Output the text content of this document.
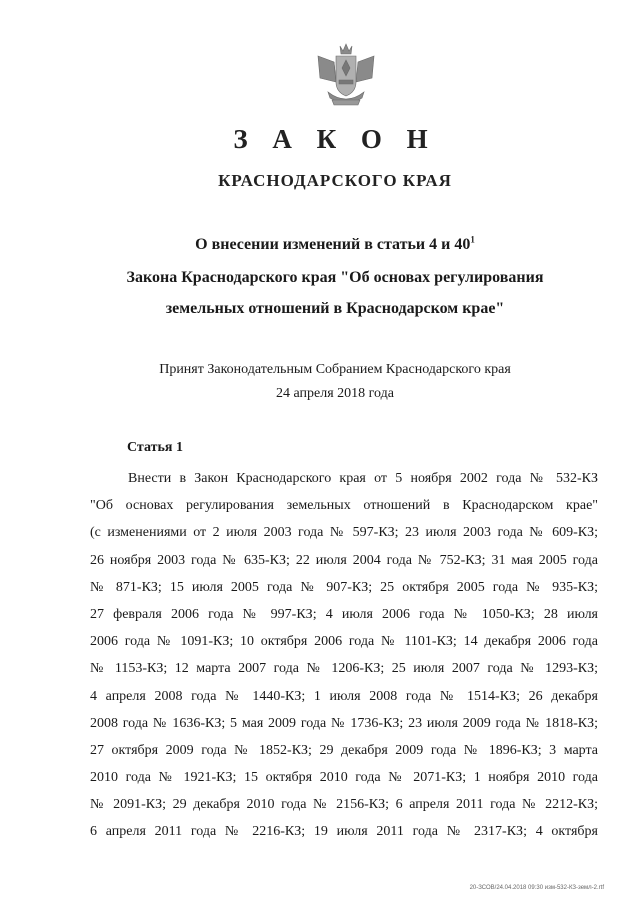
З А К О Н
КРАСНОДАРСКОГО КРАЯ
О внесении изменений в статьи 4 и $40^1$
Закона Краснодарского края "Об основах регулирования
земельных отношений в Краснодарском крае"
Принят Законодательным Собранием Краснодарского края
24 апреля 2018 года
Статья 1
Внести в Закон Краснодарского края от 5 ноября 2002 года № 532-КЗ
"Об основах регулирования земельных отношений в Краснодарском крае"
(с изменениями от 2 июля 2003 года № 597-КЗ; 23 июля 2003 года № 609-КЗ;
26 ноября 2003 года № 635-КЗ; 22 июля 2004 года № 752-КЗ; 31 мая 2005 года
№ 871-КЗ; 15 июля 2005 года № 907-КЗ; 25 октября 2005 года № 935-КЗ;
27 февраля 2006 года № 997-КЗ; 4 июля 2006 года № 1050-КЗ; 28 июля
2006 года № 1091-КЗ; 10 октября 2006 года № 1101-КЗ; 14 декабря 2006 года
№ 1153-КЗ; 12 марта 2007 года № 1206-КЗ; 25 июля 2007 года № 1293-КЗ;
4 апреля 2008 года № 1440-КЗ; 1 июля 2008 года № 1514-КЗ; 26 декабря
2008 года № 1636-КЗ; 5 мая 2009 года № 1736-КЗ; 23 июля 2009 года № 1818-КЗ;
27 октября 2009 года № 1852-КЗ; 29 декабря 2009 года № 1896-КЗ; 3 марта
2010 года № 1921-КЗ; 15 октября 2010 года № 2071-КЗ; 1 ноября 2010 года
№ 2091-КЗ; 29 декабря 2010 года № 2156-КЗ; 6 апреля 2011 года № 2212-КЗ;
6 апреля 2011 года № 2216-КЗ; 19 июля 2011 года № 2317-КЗ; 4 октября
20-ЗСОВ/24.04.2018 09:30 изм-532-КЗ-земл-2.rtf
